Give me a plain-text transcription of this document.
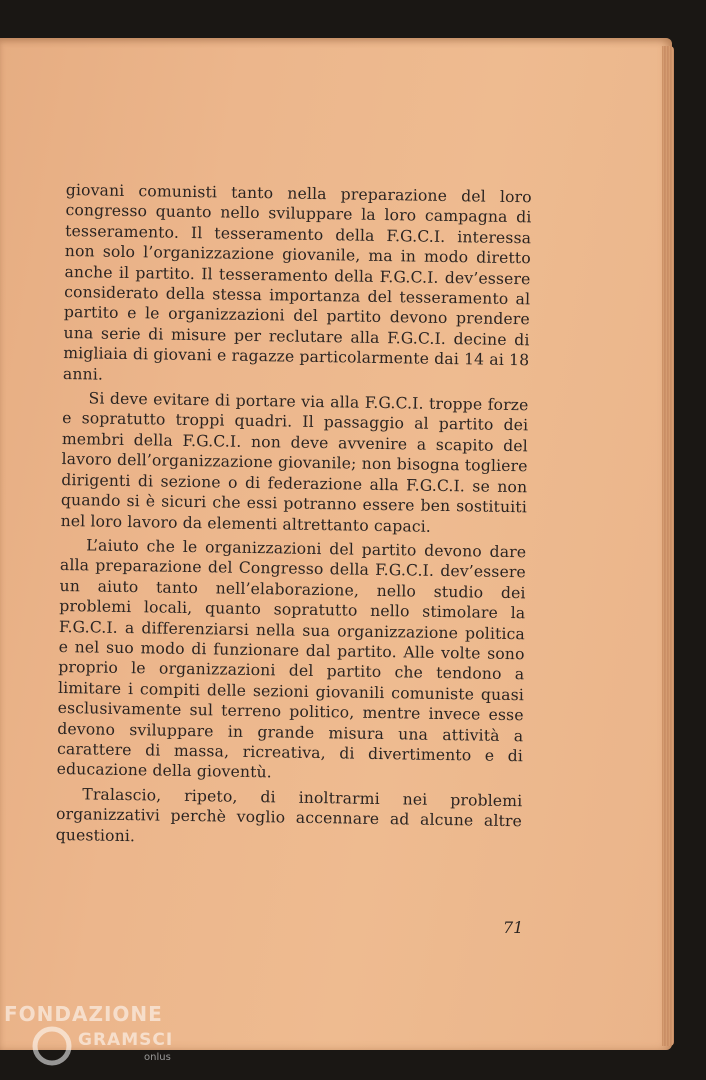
giovani comunisti tanto nella preparazione del loro congresso quanto nello sviluppare la loro campagna di tesseramento. Il tesseramento della F.G.C.I. interessa non solo l’organizzazione giovanile, ma in modo diretto anche il partito. Il tesseramento della F.G.C.I. dev’essere considerato della stessa importanza del tesseramento al partito e le organizzazioni del partito devono prendere una serie di misure per reclutare alla F.G.C.I. decine di migliaia di giovani e ragazze particolarmente dai 14 ai 18 anni.

Si deve evitare di portare via alla F.G.C.I. troppe forze e sopratutto troppi quadri. Il passaggio al partito dei membri della F.G.C.I. non deve avvenire a scapito del lavoro dell’organizzazione giovanile; non bisogna togliere dirigenti di sezione o di federazione alla F.G.C.I. se non quando si è sicuri che essi potranno essere ben sostituiti nel loro lavoro da elementi altrettanto capaci.

L’aiuto che le organizzazioni del partito devono dare alla preparazione del Congresso della F.G.C.I. dev’essere un aiuto tanto nell’elaborazione, nello studio dei problemi locali, quanto sopratutto nello stimolare la F.G.C.I. a differenziarsi nella sua organizzazione politica e nel suo modo di funzionare dal partito. Alle volte sono proprio le organizzazioni del partito che tendono a limitare i compiti delle sezioni giovanili comuniste quasi esclusivamente sul terreno politico, mentre invece esse devono sviluppare in grande misura una attività a carattere di massa, ricreativa, di divertimento e di educazione della gioventù.

Tralascio, ripeto, di inoltrarmi nei problemi organizzativi perchè voglio accennare ad alcune altre questioni.

71
FONDAZIONE
GRAMSCI
onlus
